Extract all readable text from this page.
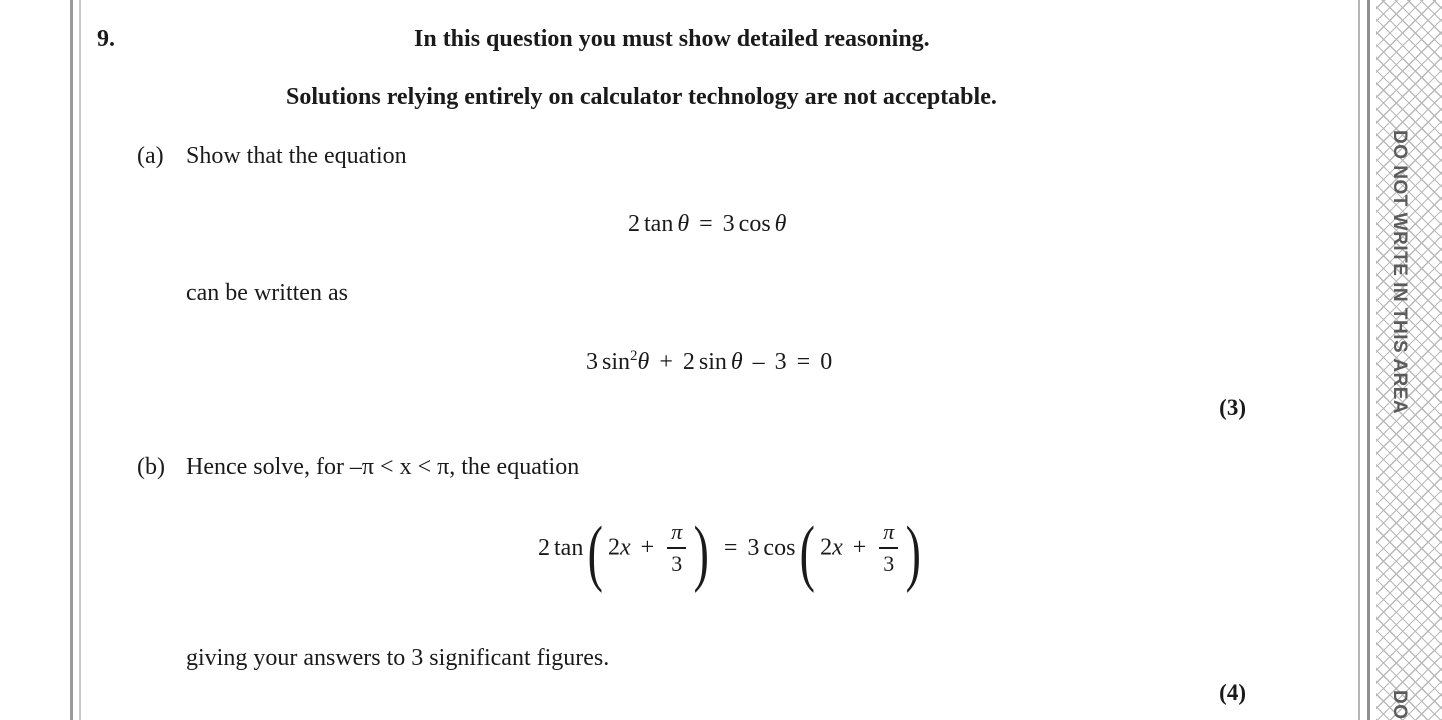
DO NOT WRITE IN THIS AREA
DO
9.	In this question you must show detailed reasoning.
Solutions relying entirely on calculator technology are not acceptable.
(a) Show that the equation
2 tan θ = 3 cos θ
can be written as
3 $\sin^2\theta + 2$ sin θ – 3 = 0
(3)
(b) Hence solve, for –π < x < π, the equation
2 tan ( $2x + \frac{\pi}{3}$ )
=
3 cos ( $2x + \frac{\pi}{3}$ )
giving your answers to 3 significant figures.
(4)
